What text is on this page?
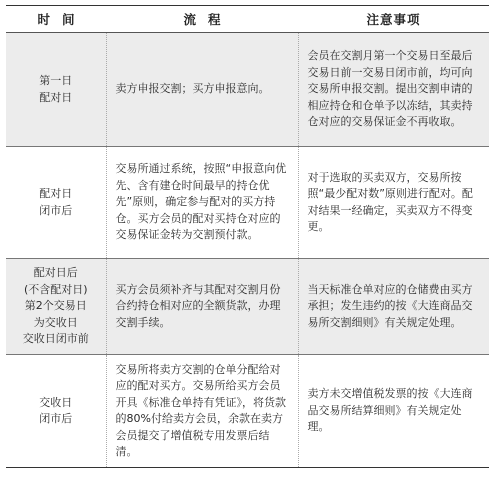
时间	流程	注意事项
第一日
配对日	卖方申报交割；买方申报意向。	会员在交割月第一个交易日至最后交易日前一交易日闭市前，均可向交易所申报交割。提出交割申请的相应持仓和仓单予以冻结，其卖持仓对应的交易保证金不再收取。
配对日
闭市后	交易所通过系统，按照“申报意向优先、含有建仓时间最早的持仓优先”原则，确定参与配对的买方持仓。买方会员的配对买持仓对应的交易保证金转为交割预付款。	对于选取的买卖双方，交易所按照“最少配对数”原则进行配对。配对结果一经确定，买卖双方不得变更。
配对日后
(不含配对日)
第2个交易日
为交收日
交收日闭市前	买方会员须补齐与其配对交割月份合约持仓相对应的全额货款，办理交割手续。	当天标准仓单对应的仓储费由买方承担；发生违约的按《大连商品交易所交割细则》有关规定处理。
交收日
闭市后	交易所将卖方交割的仓单分配给对应的配对买方。交易所给买方会员开具《标准仓单持有凭证》，将货款的80%付给卖方会员，余款在卖方会员提交了增值税专用发票后结清。	卖方未交增值税发票的按《大连商品交易所结算细则》有关规定处理。
